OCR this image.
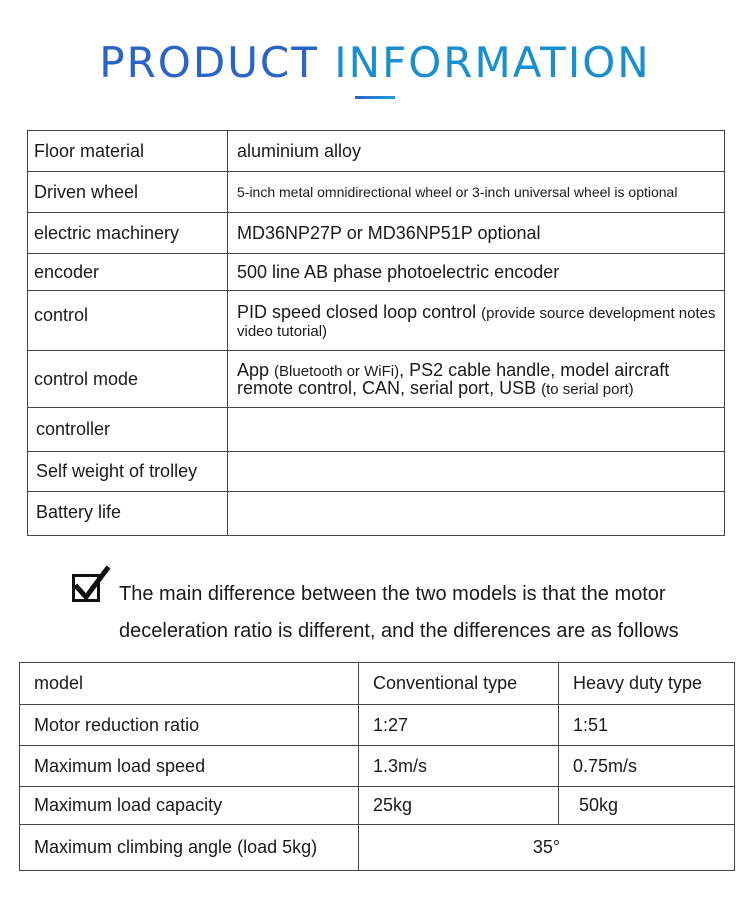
PRODUCT INFORMATION
Floor material	aluminium alloy
Driven wheel	5-inch metal omnidirectional wheel or 3-inch universal wheel is optional
electric machinery	MD36NP27P or MD36NP51P optional
encoder	500 line AB phase photoelectric encoder
control	PID speed closed loop control (provide source development notes video tutorial)
control mode	App (Bluetooth or WiFi), PS2 cable handle, model aircraft remote control, CAN, serial port, USB (to serial port)
controller	
Self weight of trolley	
Battery life	
The main difference between the two models is that the motor deceleration ratio is different, and the differences are as follows
model	Conventional type	Heavy duty type
Motor reduction ratio	1:27	1:51
Maximum load speed	1.3m/s	0.75m/s
Maximum load capacity	25kg	50kg
Maximum climbing angle (load 5kg)	35°	
